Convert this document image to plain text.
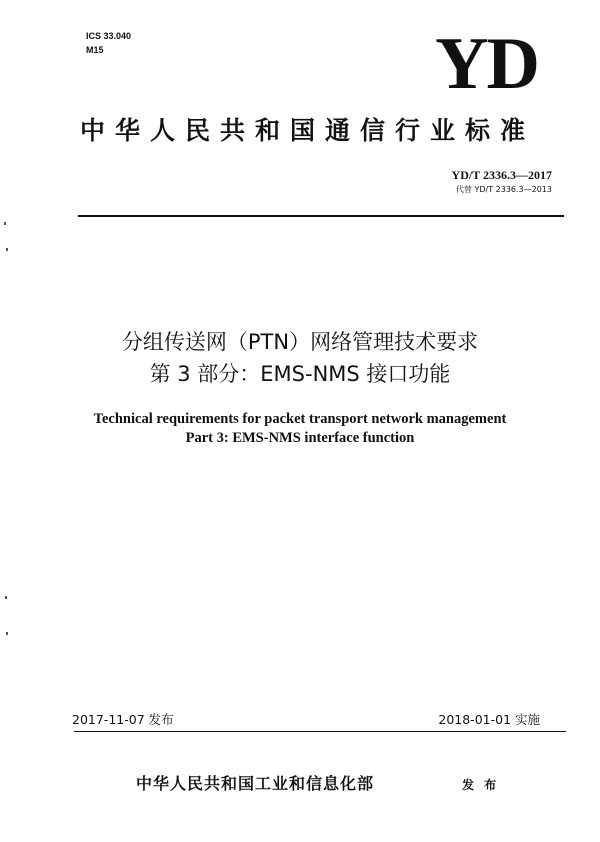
ICS 33.040
M15	YD
中华人民共和国通信行业标准
YD/T 2336.3—2017
代替 YD/T 2336.3—2013
分组传送网（PTN）网络管理技术要求
第 3 部分：EMS-NMS 接口功能
Technical requirements for packet transport network management
Part 3: EMS-NMS interface function
2017-11-07 发布	2018-01-01 实施
中华人民共和国工业和信息化部	发 布
